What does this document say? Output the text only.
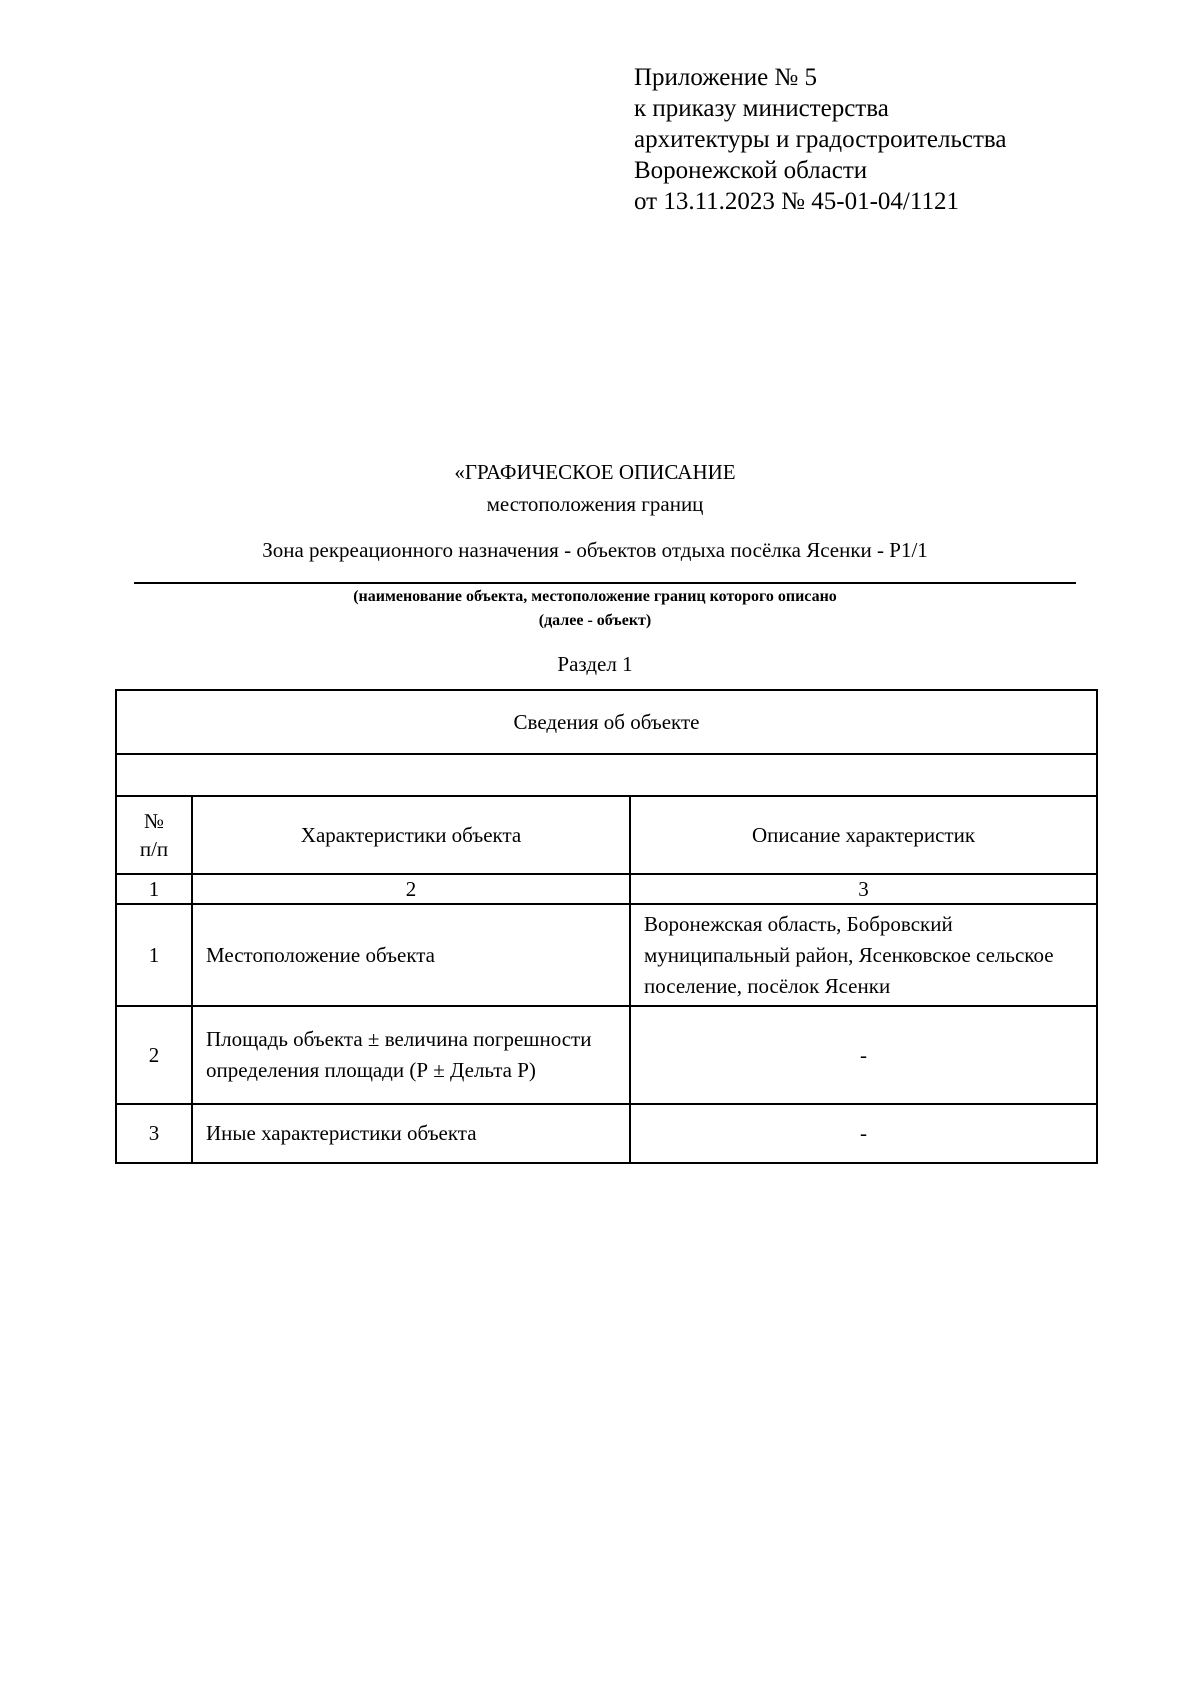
Приложение № 5
к приказу министерства
архитектуры и градостроительства
Воронежской области
от 13.11.2023 № 45-01-04/1121
«ГРАФИЧЕСКОЕ ОПИСАНИЕ
местоположения границ
Зона рекреационного назначения - объектов отдыха посёлка Ясенки - Р1/1
(наименование объекта, местоположение границ которого описано
(далее - объект)
Раздел 1
Сведения об объекте		

№ п/п	Характеристики объекта	Описание характеристик
1	2	3
1	Местоположение объекта	Воронежская область, Бобровский муниципальный район, Ясенковское сельское поселение, посёлок Ясенки
2	Площадь объекта ± величина погрешности определения площади (Р ± Дельта Р)	-
3	Иные характеристики объекта	-
